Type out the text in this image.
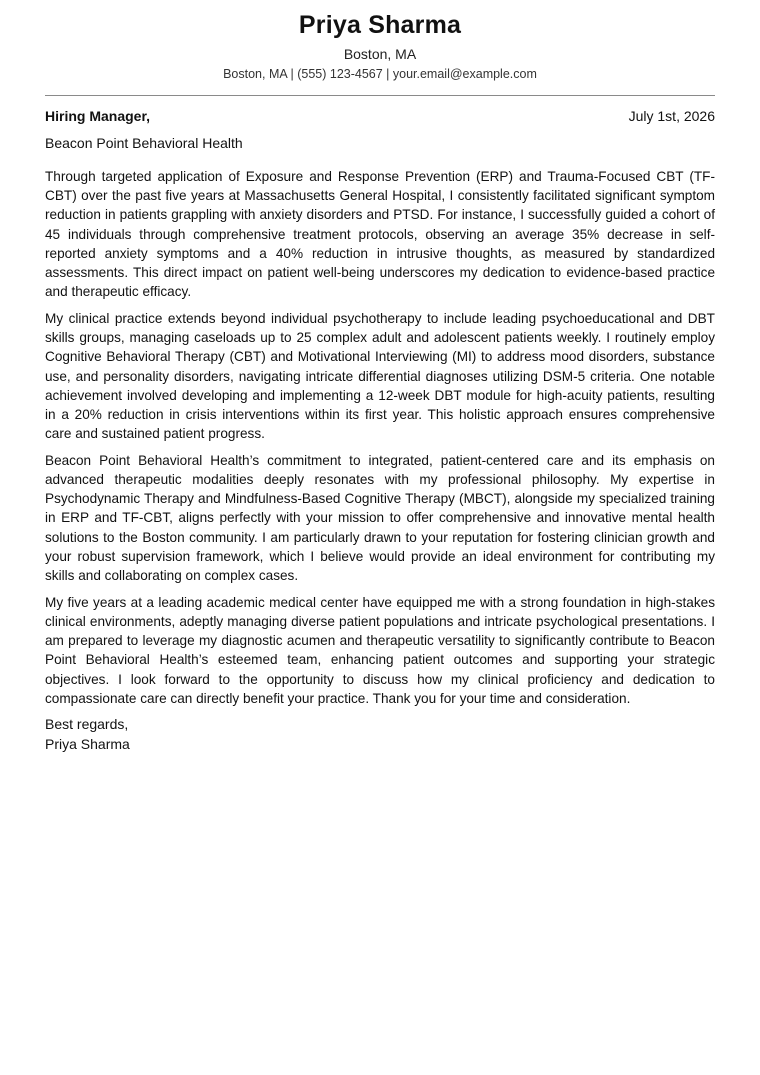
Priya Sharma
Boston, MA
Boston, MA | (555) 123-4567 | your.email@example.com
Hiring Manager,	July 1st, 2026
Beacon Point Behavioral Health

Through targeted application of Exposure and Response Prevention (ERP) and Trauma-Focused CBT (TF-CBT) over the past five years at Massachusetts General Hospital, I consistently facilitated significant symptom reduction in patients grappling with anxiety disorders and PTSD. For instance, I successfully guided a cohort of 45 individuals through comprehensive treatment protocols, observing an average 35% decrease in self-reported anxiety symptoms and a 40% reduction in intrusive thoughts, as measured by standardized assessments. This direct impact on patient well-being underscores my dedication to evidence-based practice and therapeutic efficacy.

My clinical practice extends beyond individual psychotherapy to include leading psychoeducational and DBT skills groups, managing caseloads up to 25 complex adult and adolescent patients weekly. I routinely employ Cognitive Behavioral Therapy (CBT) and Motivational Interviewing (MI) to address mood disorders, substance use, and personality disorders, navigating intricate differential diagnoses utilizing DSM-5 criteria. One notable achievement involved developing and implementing a 12-week DBT module for high-acuity patients, resulting in a 20% reduction in crisis interventions within its first year. This holistic approach ensures comprehensive care and sustained patient progress.

Beacon Point Behavioral Health’s commitment to integrated, patient-centered care and its emphasis on advanced therapeutic modalities deeply resonates with my professional philosophy. My expertise in Psychodynamic Therapy and Mindfulness-Based Cognitive Therapy (MBCT), alongside my specialized training in ERP and TF-CBT, aligns perfectly with your mission to offer comprehensive and innovative mental health solutions to the Boston community. I am particularly drawn to your reputation for fostering clinician growth and your robust supervision framework, which I believe would provide an ideal environment for contributing my skills and collaborating on complex cases.

My five years at a leading academic medical center have equipped me with a strong foundation in high-stakes clinical environments, adeptly managing diverse patient populations and intricate psychological presentations. I am prepared to leverage my diagnostic acumen and therapeutic versatility to significantly contribute to Beacon Point Behavioral Health’s esteemed team, enhancing patient outcomes and supporting your strategic objectives. I look forward to the opportunity to discuss how my clinical proficiency and dedication to compassionate care can directly benefit your practice. Thank you for your time and consideration.

Best regards,
Priya Sharma
